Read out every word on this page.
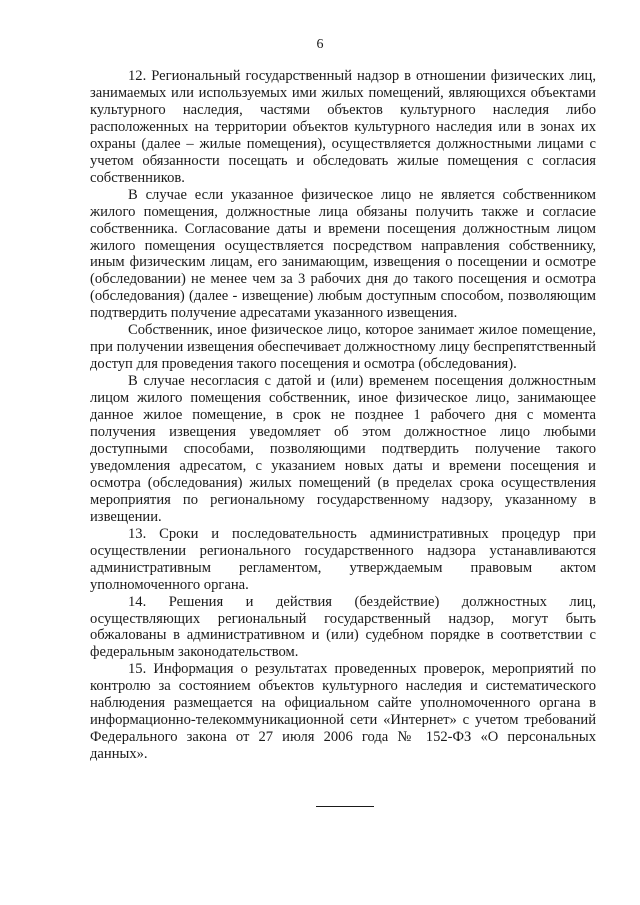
6

12. Региональный государственный надзор в отношении физических лиц, занимаемых или используемых ими жилых помещений, являющихся объектами культурного наследия, частями объектов культурного наследия либо расположенных на территории объектов культурного наследия или в зонах их охраны (далее – жилые помещения), осуществляется должностными лицами с учетом обязанности посещать и обследовать жилые помещения с согласия собственников.

В случае если указанное физическое лицо не является собственником жилого помещения, должностные лица обязаны получить также и согласие собственника. Согласование даты и времени посещения должностным лицом жилого помещения осуществляется посредством направления собственнику, иным физическим лицам, его занимающим, извещения о посещении и осмотре (обследовании) не менее чем за 3 рабочих дня до такого посещения и осмотра (обследования) (далее - извещение) любым доступным способом, позволяющим подтвердить получение адресатами указанного извещения.

Собственник, иное физическое лицо, которое занимает жилое помещение, при получении извещения обеспечивает должностному лицу беспрепятственный доступ для проведения такого посещения и осмотра (обследования).

В случае несогласия с датой и (или) временем посещения должностным лицом жилого помещения собственник, иное физическое лицо, занимающее данное жилое помещение, в срок не позднее 1 рабочего дня с момента получения извещения уведомляет об этом должностное лицо любыми доступными способами, позволяющими подтвердить получение такого уведомления адресатом, с указанием новых даты и времени посещения и осмотра (обследования) жилых помещений (в пределах срока осуществления мероприятия по региональному государственному надзору, указанному в извещении.

13. Сроки и последовательность административных процедур при осуществлении регионального государственного надзора устанавливаются административным регламентом, утверждаемым правовым актом уполномоченного органа.

14. Решения и действия (бездействие) должностных лиц, осуществляющих региональный государственный надзор, могут быть обжалованы в административном и (или) судебном порядке в соответствии с федеральным законодательством.

15. Информация о результатах проведенных проверок, мероприятий по контролю за состоянием объектов культурного наследия и систематического наблюдения размещается на официальном сайте уполномоченного органа в информационно-телекоммуникационной сети «Интернет» с учетом требований Федерального закона от 27 июля 2006 года № 152-ФЗ «О персональных данных».
